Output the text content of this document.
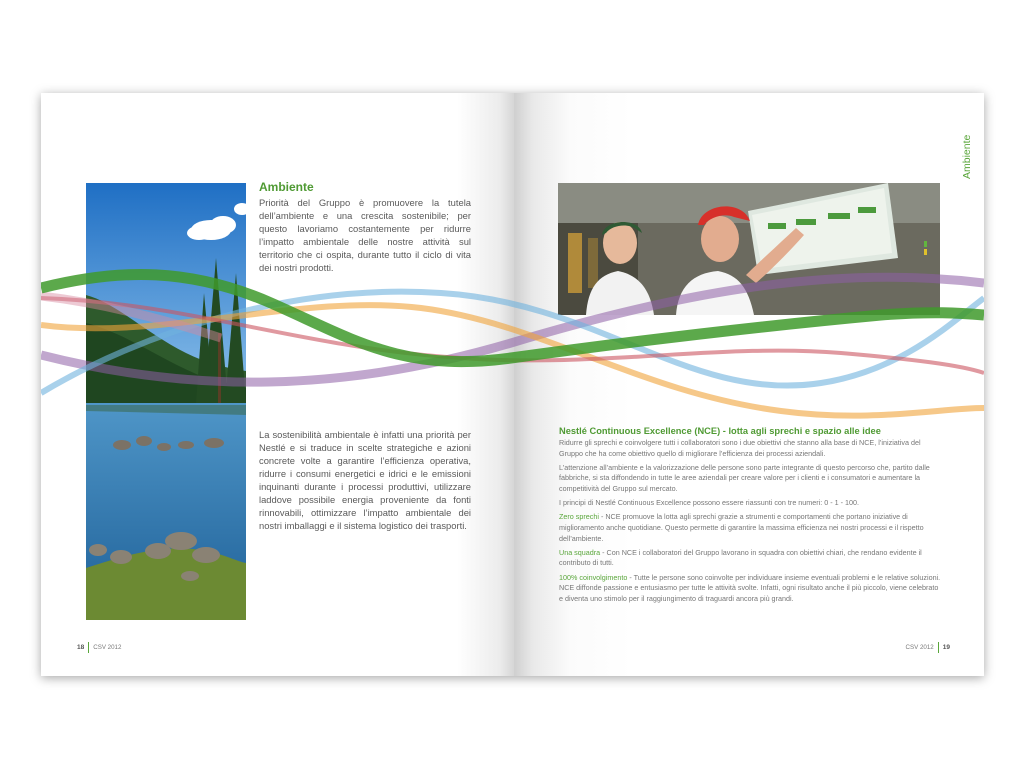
Ambiente

Priorità del Gruppo è promuovere la tutela dell’ambiente e una crescita sostenibile; per questo lavoriamo costantemente per ridurre l’impatto ambientale delle nostre attività sul territorio che ci ospita, durante tutto il ciclo di vita dei nostri prodotti.

La sostenibilità ambientale è infatti una priorità per Nestlé e si traduce in scelte strategiche e azioni concrete volte a garantire l’efficienza operativa, ridurre i consumi energetici e idrici e le emissioni inquinanti durante i processi produttivi, utilizzare laddove possibile energia proveniente da fonti rinnovabili, ottimizzare l’impatto ambientale dei nostri imballaggi e il sistema logistico dei trasporti.

18 CSV 2012
Ambiente
Nestlé Continuous Excellence (NCE) - lotta agli sprechi e spazio alle idee

Ridurre gli sprechi e coinvolgere tutti i collaboratori sono i due obiettivi che stanno alla base di NCE, l’iniziativa del Gruppo che ha come obiettivo quello di migliorare l’efficienza dei processi aziendali.

L’attenzione all’ambiente e la valorizzazione delle persone sono parte integrante di questo percorso che, partito dalle fabbriche, si sta diffondendo in tutte le aree aziendali per creare valore per i clienti e i consumatori e aumentare la competitività del Gruppo sul mercato.

I principi di Nestlé Continuous Excellence possono essere riassunti con tre numeri: 0 - 1 - 100.

Zero sprechi - NCE promuove la lotta agli sprechi grazie a strumenti e comportamenti che portano iniziative di miglioramento anche quotidiane. Questo permette di garantire la massima efficienza nei nostri processi e il rispetto dell’ambiente.

Una squadra - Con NCE i collaboratori del Gruppo lavorano in squadra con obiettivi chiari, che rendano evidente il contributo di tutti.

100% coinvolgimento - Tutte le persone sono coinvolte per individuare insieme eventuali problemi e le relative soluzioni. NCE diffonde passione e entusiasmo per tutte le attività svolte. Infatti, ogni risultato anche il più piccolo, viene celebrato e diventa uno stimolo per il raggiungimento di traguardi ancora più grandi.

CSV 2012 19
